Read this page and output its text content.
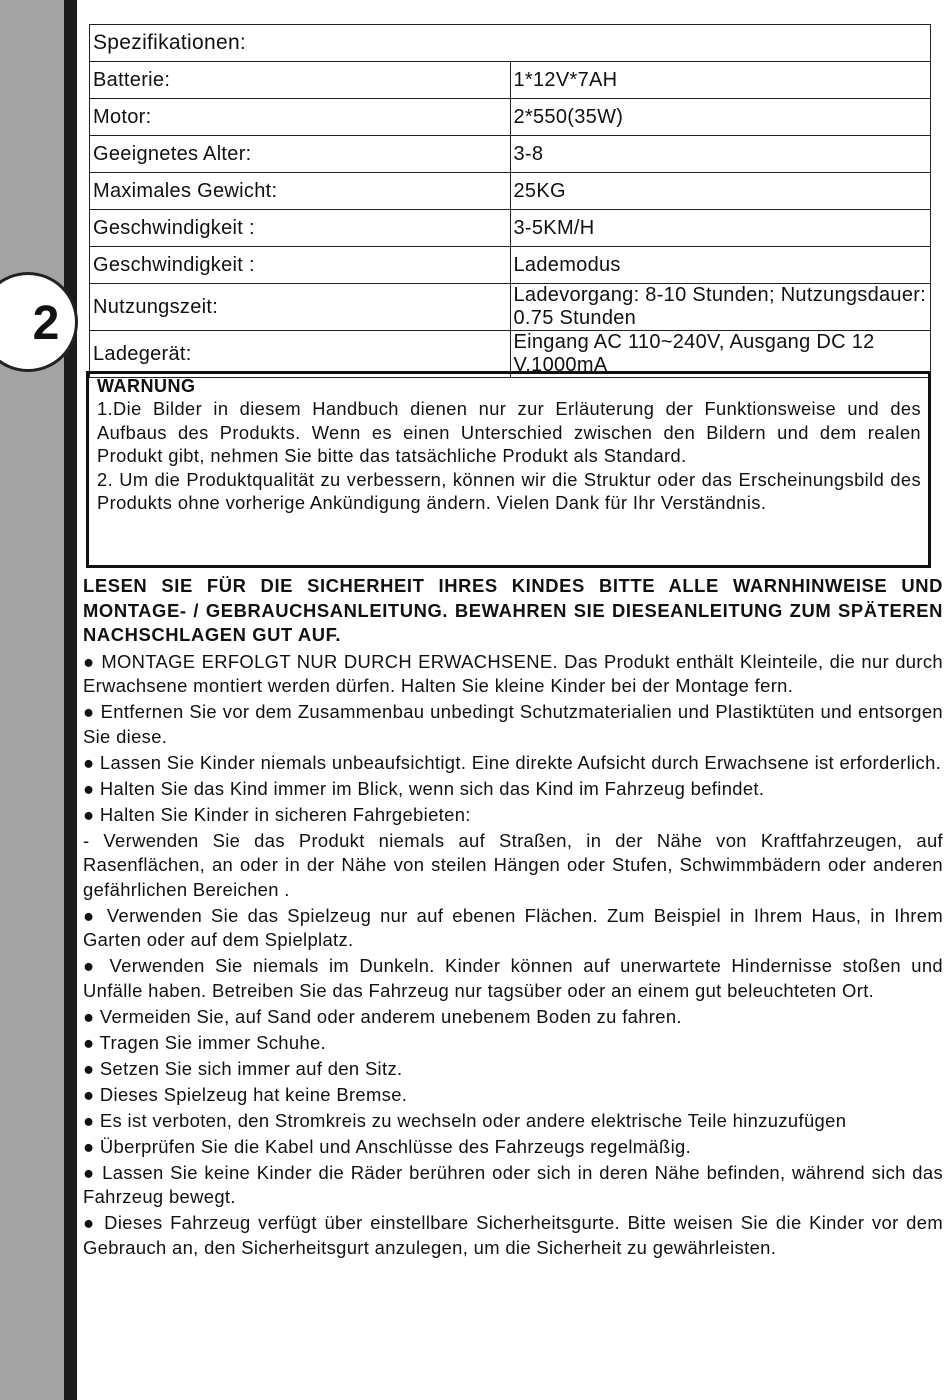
2
Spezifikationen:	
Batterie:	1*12V*7AH
Motor:	2*550(35W)
Geeignetes Alter:	3-8
Maximales Gewicht:	25KG
Geschwindigkeit :	3-5KM/H
Geschwindigkeit :	Lademodus
Nutzungszeit:	Ladevorgang: 8-10 Stunden; Nutzungsdauer: 0.75 Stunden
Ladegerät:	Eingang AC 110~240V, Ausgang DC 12 V,1000mA
WARNUNG

1.Die Bilder in diesem Handbuch dienen nur zur Erläuterung der Funktionsweise und des Aufbaus des Produkts. Wenn es einen Unterschied zwischen den Bildern und dem realen Produkt gibt, nehmen Sie bitte das tatsächliche Produkt als Standard.

2. Um die Produktqualität zu verbessern, können wir die Struktur oder das Erscheinungsbild des Produkts ohne vorherige Ankündigung ändern. Vielen Dank für Ihr Verständnis.

LESEN SIE FÜR DIE SICHERHEIT IHRES KINDES BITTE ALLE WARNHINWEISE UND MONTAGE- / GEBRAUCHSANLEITUNG. BEWAHREN SIE DIESEANLEITUNG ZUM SPÄTEREN NACHSCHLAGEN GUT AUF.

● MONTAGE ERFOLGT NUR DURCH ERWACHSENE. Das Produkt enthält Kleinteile, die nur durch Erwachsene montiert werden dürfen. Halten Sie kleine Kinder bei der Montage fern.

● Entfernen Sie vor dem Zusammenbau unbedingt Schutzmaterialien und Plastiktüten und entsorgen Sie diese.

● Lassen Sie Kinder niemals unbeaufsichtigt. Eine direkte Aufsicht durch Erwachsene ist erforderlich.

● Halten Sie das Kind immer im Blick, wenn sich das Kind im Fahrzeug befindet.

● Halten Sie Kinder in sicheren Fahrgebieten:

- Verwenden Sie das Produkt niemals auf Straßen, in der Nähe von Kraftfahrzeugen, auf Rasenflächen, an oder in der Nähe von steilen Hängen oder Stufen, Schwimmbädern oder anderen gefährlichen Bereichen .

● Verwenden Sie das Spielzeug nur auf ebenen Flächen. Zum Beispiel in Ihrem Haus, in Ihrem Garten oder auf dem Spielplatz.

● Verwenden Sie niemals im Dunkeln. Kinder können auf unerwartete Hindernisse stoßen und Unfälle haben. Betreiben Sie das Fahrzeug nur tagsüber oder an einem gut beleuchteten Ort.

● Vermeiden Sie, auf Sand oder anderem unebenem Boden zu fahren.

● Tragen Sie immer Schuhe.

● Setzen Sie sich immer auf den Sitz.

● Dieses Spielzeug hat keine Bremse.

● Es ist verboten, den Stromkreis zu wechseln oder andere elektrische Teile hinzuzufügen

● Überprüfen Sie die Kabel und Anschlüsse des Fahrzeugs regelmäßig.

● Lassen Sie keine Kinder die Räder berühren oder sich in deren Nähe befinden, während sich das Fahrzeug bewegt.

● Dieses Fahrzeug verfügt über einstellbare Sicherheitsgurte. Bitte weisen Sie die Kinder vor dem Gebrauch an, den Sicherheitsgurt anzulegen, um die Sicherheit zu gewährleisten.
